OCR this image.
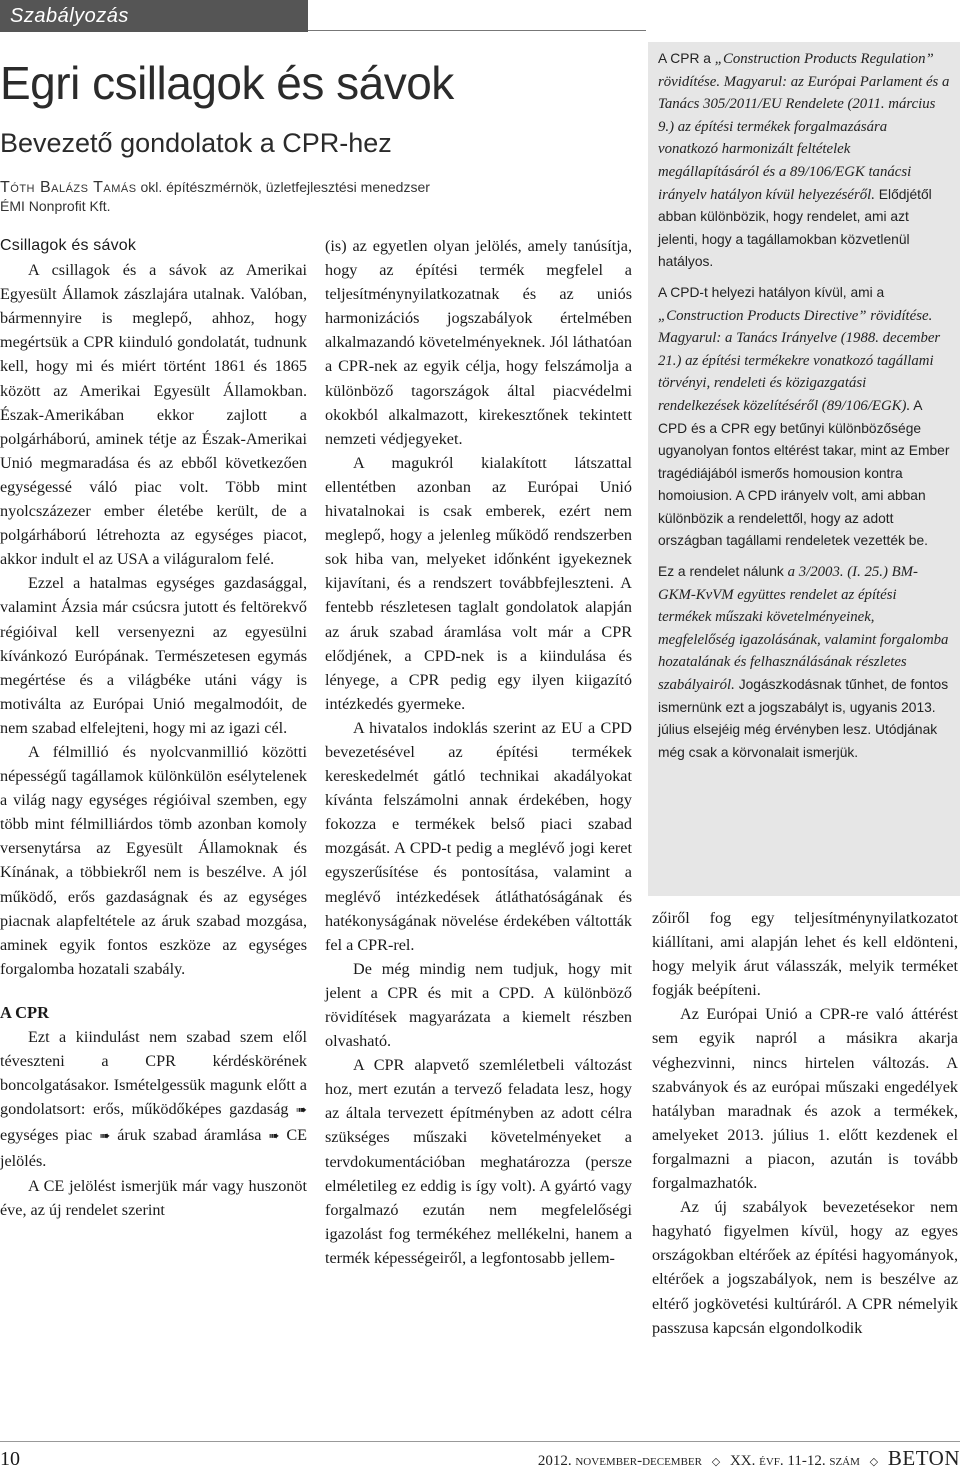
Szabályozás
Egri csillagok és sávok
Bevezető gondolatok a CPR-hez
Tóth Balázs Tamás okl. építészmérnök, üzletfejlesztési menedzser
ÉMI Nonprofit Kft.

Csillagok és sávok

A csillagok és a sávok az Amerikai Egyesült Államok zászlajára utalnak. Valóban, bármennyire is meglepő, ahhoz, hogy megértsük a CPR kiinduló gondolatát, tudnunk kell, hogy mi és miért történt 1861 és 1865 között az Amerikai Egyesült Államokban. Észak-Amerikában ekkor zajlott a polgárháború, aminek tétje az Észak-Amerikai Unió megmaradása és az ebből következően egységessé váló piac volt. Több mint nyolcszázezer ember életébe került, de a polgárháború létrehozta az egységes piacot, akkor indult el az USA a világuralom felé.

Ezzel a hatalmas egységes gazdasággal, valamint Ázsia már csúcsra jutott és feltörekvő régióival kell versenyezni az egyesülni kívánkozó Európának. Természetesen egymás megértése és a világbéke utáni vágy is motiválta az Európai Unió megalmodóit, de nem szabad elfelejteni, hogy mi az igazi cél.

A félmillió és nyolcvanmillió közötti népességű tagállamok különkülön esélytelenek a világ nagy egységes régióival szemben, egy több mint félmilliárdos tömb azonban komoly versenytársa az Egyesült Államoknak és Kínának, a többiekről nem is beszélve. A jól működő, erős gazdaságnak és az egységes piacnak alapfeltétele az áruk szabad mozgása, aminek egyik fontos eszköze az egységes forgalomba hozatali szabály.

A CPR

Ezt a kiindulást nem szabad szem elől téveszteni a CPR kérdéskörének boncolgatásakor. Ismételgessük magunk előtt a gondolatsort: erős, működőképes gazdaság ➠ egységes piac ➠ áruk szabad áramlása ➠ CE jelölés.

A CE jelölést ismerjük már vagy huszonöt éve, az új rendelet szerint

(is) az egyetlen olyan jelölés, amely tanúsítja, hogy az építési termék megfelel a teljesítménynyilatkozatnak és az uniós harmonizációs jogszabályok értelmében alkalmazandó követelményeknek. Jól láthatóan a CPR-nek az egyik célja, hogy felszámolja a különböző tagországok által piacvédelmi okokból alkalmazott, kirekesztőnek tekintett nemzeti védjegyeket.

A magukról kialakított látszattal ellentétben azonban az Európai Unió hivatalnokai is csak emberek, ezért nem meglepő, hogy a jelenleg működő rendszerben sok hiba van, melyeket időnként igyekeznek kijavítani, és a rendszert továbbfejleszteni. A fentebb részletesen taglalt gondolatok alapján az áruk szabad áramlása volt már a CPR elődjének, a CPD-nek is a kiindulása és lényege, a CPR pedig egy ilyen kiigazító intézkedés gyermeke.

A hivatalos indoklás szerint az EU a CPD bevezetésével az építési termékek kereskedelmét gátló technikai akadályokat kívánta felszámolni annak érdekében, hogy fokozza e termékek belső piaci szabad mozgását. A CPD-t pedig a meglévő jogi keret egyszerűsítése és pontosítása, valamint a meglévő intézkedések átláthatóságának és hatékonyságának növelése érdekében váltották fel a CPR-rel.

De még mindig nem tudjuk, hogy mit jelent a CPR és mit a CPD. A különböző rövidítések magyarázata a kiemelt részben olvasható.

A CPR alapvető szemléletbeli változást hoz, mert ezután a tervező feladata lesz, hogy az általa tervezett építményben az adott célra szükséges műszaki követelményeket a tervdokumentációban meghatározza (persze elméletileg ez eddig is így volt). A gyártó vagy forgalmazó ezután nem megfelelőségi igazolást fog termékéhez mellékelni, hanem a termék képességeiről, a legfontosabb jellem-

A CPR a „Construction Products Regulation” rövidítése. Magyarul: az Európai Parlament és a Tanács 305/2011/EU Rendelete (2011. március 9.) az építési termékek forgalmazására vonatkozó harmonizált feltételek megállapításáról és a 89/106/EGK tanácsi irányelv hatályon kívül helyezéséről. Elődjétől abban különbözik, hogy rendelet, ami azt jelenti, hogy a tagállamokban közvetlenül hatályos.

A CPD-t helyezi hatályon kívül, ami a „Construction Products Directive” rövidítése. Magyarul: a Tanács Irányelve (1988. december 21.) az építési termékekre vonatkozó tagállami törvényi, rendeleti és közigazgatási rendelkezések közelítéséről (89/106/EGK). A CPD és a CPR egy betűnyi különbözősége ugyanolyan fontos eltérést takar, mint az Ember tragédiájából ismerős homousion kontra homoiusion. A CPD irányelv volt, ami abban különbözik a rendelettől, hogy az adott országban tagállami rendeletek vezették be.

Ez a rendelet nálunk a 3/2003. (I. 25.) BM-GKM-KvVM együttes rendelet az építési termékek műszaki követelményeinek, megfelelőség igazolásának, valamint forgalomba hozatalának és felhasználásának részletes szabályairól. Jogászkodásnak tűnhet, de fontos ismernünk ezt a jogszabályt is, ugyanis 2013. július elsejéig még érvényben lesz. Utódjának még csak a körvonalait ismerjük.

zőiről fog egy teljesítménynyilatkozatot kiállítani, ami alapján lehet és kell eldönteni, hogy melyik árut válasszák, melyik terméket fogják beépíteni.

Az Európai Unió a CPR-re való áttérést sem egyik napról a másikra akarja véghezvinni, nincs hirtelen változás. A szabványok és az európai műszaki engedélyek hatályban maradnak és azok a termékek, amelyeket 2013. július 1. előtt kezdenek el forgalmazni a piacon, azután is tovább forgalmazhatók.

Az új szabályok bevezetésekor nem hagyható figyelmen kívül, hogy az egyes országokban eltérőek az építési hagyományok, eltérőek a jogszabályok, nem is beszélve az eltérő jogkövetési kultúráról. A CPR némelyik passzusa kapcsán elgondolkodik

10	2012. november-december ◇ XX. évf. 11-12. szám ◇ BETON
